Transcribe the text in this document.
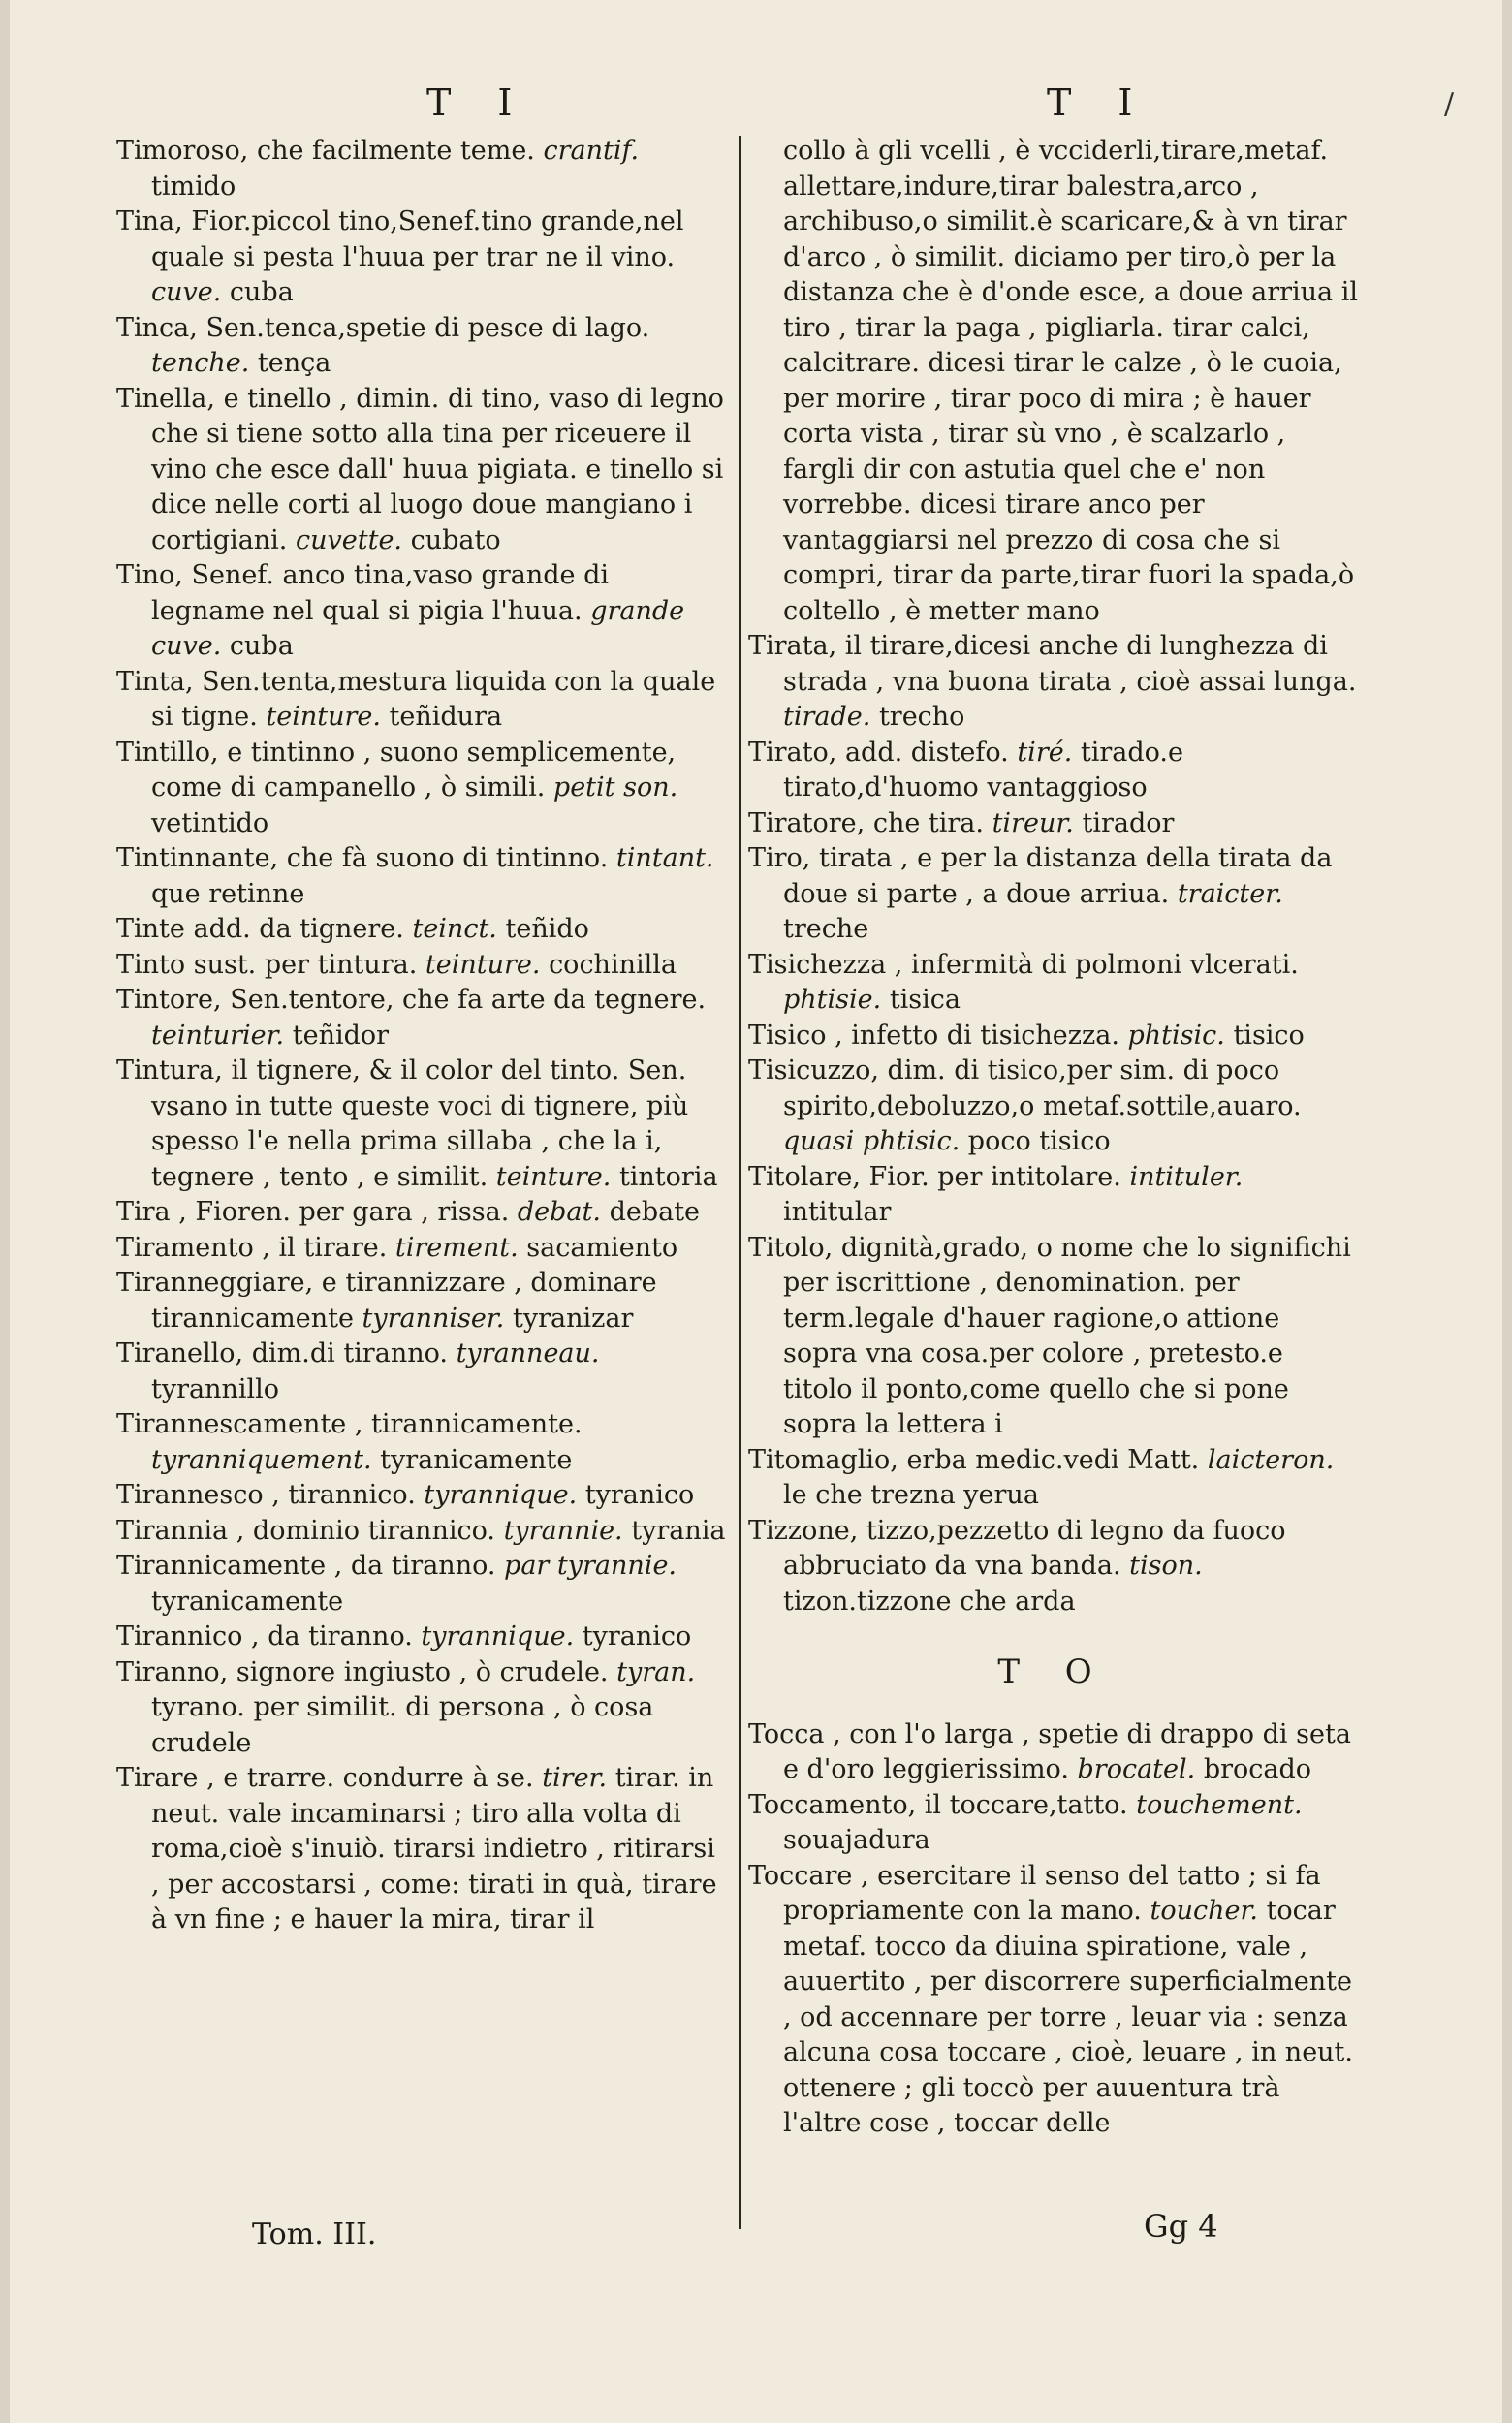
/
T I	T I

Timoroso, che facilmente teme. crantif. timido

Tina, Fior.piccol tino,Senef.tino grande,nel quale si pesta l'huua per trar ne il vino. cuve. cuba

Tinca, Sen.tenca,spetie di pesce di lago. tenche. tença

Tinella, e tinello , dimin. di tino, vaso di legno che si tiene sotto alla tina per riceuere il vino che esce dall' huua pigiata. e tinello si dice nelle corti al luogo doue mangiano i cortigiani. cuvette. cubato

Tino, Senef. anco tina,vaso grande di legname nel qual si pigia l'huua. grande cuve. cuba

Tinta, Sen.tenta,mestura liquida con la quale si tigne. teinture. teñidura

Tintillo, e tintinno , suono semplicemente, come di campanello , ò simili. petit son. vetintido

Tintinnante, che fà suono di tintinno. tintant. que retinne

Tinte add. da tignere. teinct. teñido

Tinto sust. per tintura. teinture. cochinilla

Tintore, Sen.tentore, che fa arte da tegnere. teinturier. teñidor

Tintura, il tignere, & il color del tinto. Sen. vsano in tutte queste voci di tignere, più spesso l'e nella prima sillaba , che la i, tegnere , tento , e similit. teinture. tintoria

Tira , Fioren. per gara , rissa. debat. debate

Tiramento , il tirare. tirement. sacamiento

Tiranneggiare, e tirannizzare , dominare tirannicamente tyranniser. tyranizar

Tiranello, dim.di tiranno. tyranneau. tyrannillo

Tirannescamente , tirannicamente. tyranniquement. tyranicamente

Tirannesco , tirannico. tyrannique. tyranico

Tirannia , dominio tirannico. tyrannie. tyrania

Tirannicamente , da tiranno. par tyrannie. tyranicamente

Tirannico , da tiranno. tyrannique. tyranico

Tiranno, signore ingiusto , ò crudele. tyran. tyrano. per similit. di persona , ò cosa crudele

Tirare , e trarre. condurre à se. tirer. tirar. in neut. vale incaminarsi ; tiro alla volta di roma,cioè s'inuiò. tirarsi indietro , ritirarsi , per accostarsi , come: tirati in quà, tirare à vn fine ; e hauer la mira, tirar il

collo à gli vcelli , è vcciderli,tirare,metaf. allettare,indure,tirar balestra,arco , archibuso,o similit.è scaricare,& à vn tirar d'arco , ò similit. diciamo per tiro,ò per la distanza che è d'onde esce, a doue arriua il tiro , tirar la paga , pigliarla. tirar calci, calcitrare. dicesi tirar le calze , ò le cuoia, per morire , tirar poco di mira ; è hauer corta vista , tirar sù vno , è scalzarlo , fargli dir con astutia quel che e' non vorrebbe. dicesi tirare anco per vantaggiarsi nel prezzo di cosa che si compri, tirar da parte,tirar fuori la spada,ò coltello , è metter mano

Tirata, il tirare,dicesi anche di lunghezza di strada , vna buona tirata , cioè assai lunga. tirade. trecho

Tirato, add. distefo. tiré. tirado.e tirato,d'huomo vantaggioso

Tiratore, che tira. tireur. tirador

Tiro, tirata , e per la distanza della tirata da doue si parte , a doue arriua. traicter. treche

Tisichezza , infermità di polmoni vlcerati. phtisie. tisica

Tisico , infetto di tisichezza. phtisic. tisico

Tisicuzzo, dim. di tisico,per sim. di poco spirito,deboluzzo,o metaf.sottile,auaro. quasi phtisic. poco tisico

Titolare, Fior. per intitolare. intituler. intitular

Titolo, dignità,grado, o nome che lo significhi per iscrittione , denomination. per term.legale d'hauer ragione,o attione sopra vna cosa.per colore , pretesto.e titolo il ponto,come quello che si pone sopra la lettera i

Titomaglio, erba medic.vedi Matt. laicteron. le che trezna yerua

Tizzone, tizzo,pezzetto di legno da fuoco abbruciato da vna banda. tison. tizon.tizzone che arda

T O

Tocca , con l'o larga , spetie di drappo di seta e d'oro leggierissimo. brocatel. brocado

Toccamento, il toccare,tatto. touchement. souajadura

Toccare , esercitare il senso del tatto ; si fa propriamente con la mano. toucher. tocar metaf. tocco da diuina spiratione, vale , auuertito , per discorrere superficialmente , od accennare per torre , leuar via : senza alcuna cosa toccare , cioè, leuare , in neut. ottenere ; gli toccò per auuentura trà l'altre cose , toccar delle

Tom. III.	Gg 4
